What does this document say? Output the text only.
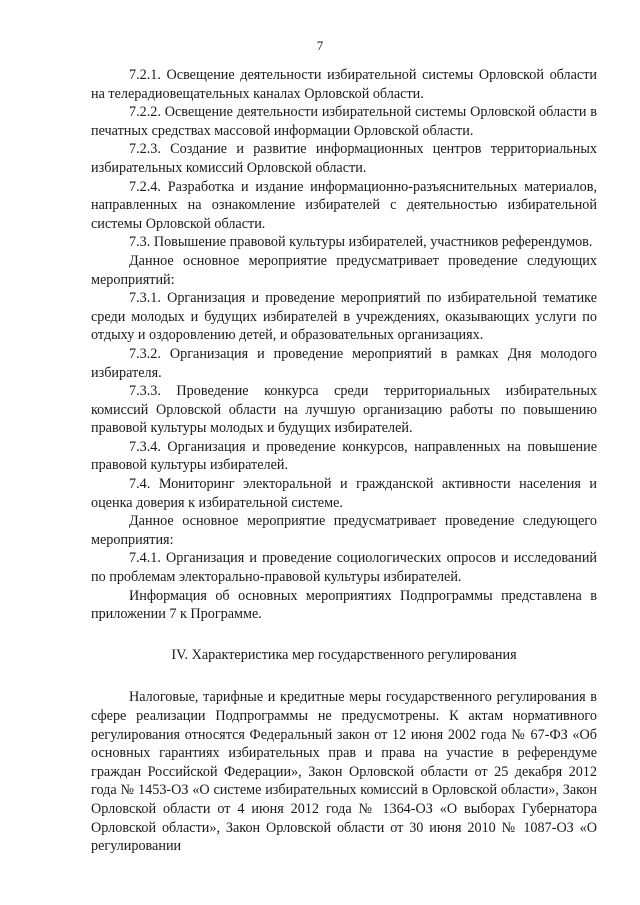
7

7.2.1. Освещение деятельности избирательной системы Орловской области на телерадиовещательных каналах Орловской области.

7.2.2. Освещение деятельности избирательной системы Орловской области в печатных средствах массовой информации Орловской области.

7.2.3. Создание и развитие информационных центров территориальных избирательных комиссий Орловской области.

7.2.4. Разработка и издание информационно-разъяснительных материалов, направленных на ознакомление избирателей с деятельностью избирательной системы Орловской области.

7.3. Повышение правовой культуры избирателей, участников референдумов.

Данное основное мероприятие предусматривает проведение следующих мероприятий:

7.3.1. Организация и проведение мероприятий по избирательной тематике среди молодых и будущих избирателей в учреждениях, оказывающих услуги по отдыху и оздоровлению детей, и образовательных организациях.

7.3.2. Организация и проведение мероприятий в рамках Дня молодого избирателя.

7.3.3. Проведение конкурса среди территориальных избирательных комиссий Орловской области на лучшую организацию работы по повышению правовой культуры молодых и будущих избирателей.

7.3.4. Организация и проведение конкурсов, направленных на повышение правовой культуры избирателей.

7.4. Мониторинг электоральной и гражданской активности населения и оценка доверия к избирательной системе.

Данное основное мероприятие предусматривает проведение следующего мероприятия:

7.4.1. Организация и проведение социологических опросов и исследований по проблемам электорально-правовой культуры избирателей.

Информация об основных мероприятиях Подпрограммы представлена в приложении 7 к Программе.

IV. Характеристика мер государственного регулирования

Налоговые, тарифные и кредитные меры государственного регулирования в сфере реализации Подпрограммы не предусмотрены. К актам нормативного регулирования относятся Федеральный закон от 12 июня 2002 года № 67-ФЗ «Об основных гарантиях избирательных прав и права на участие в референдуме граждан Российской Федерации», Закон Орловской области от 25 декабря 2012 года № 1453-ОЗ «О системе избирательных комиссий в Орловской области», Закон Орловской области от 4 июня 2012 года № 1364-ОЗ «О выборах Губернатора Орловской области», Закон Орловской области от 30 июня 2010 № 1087-ОЗ «О регулировании
